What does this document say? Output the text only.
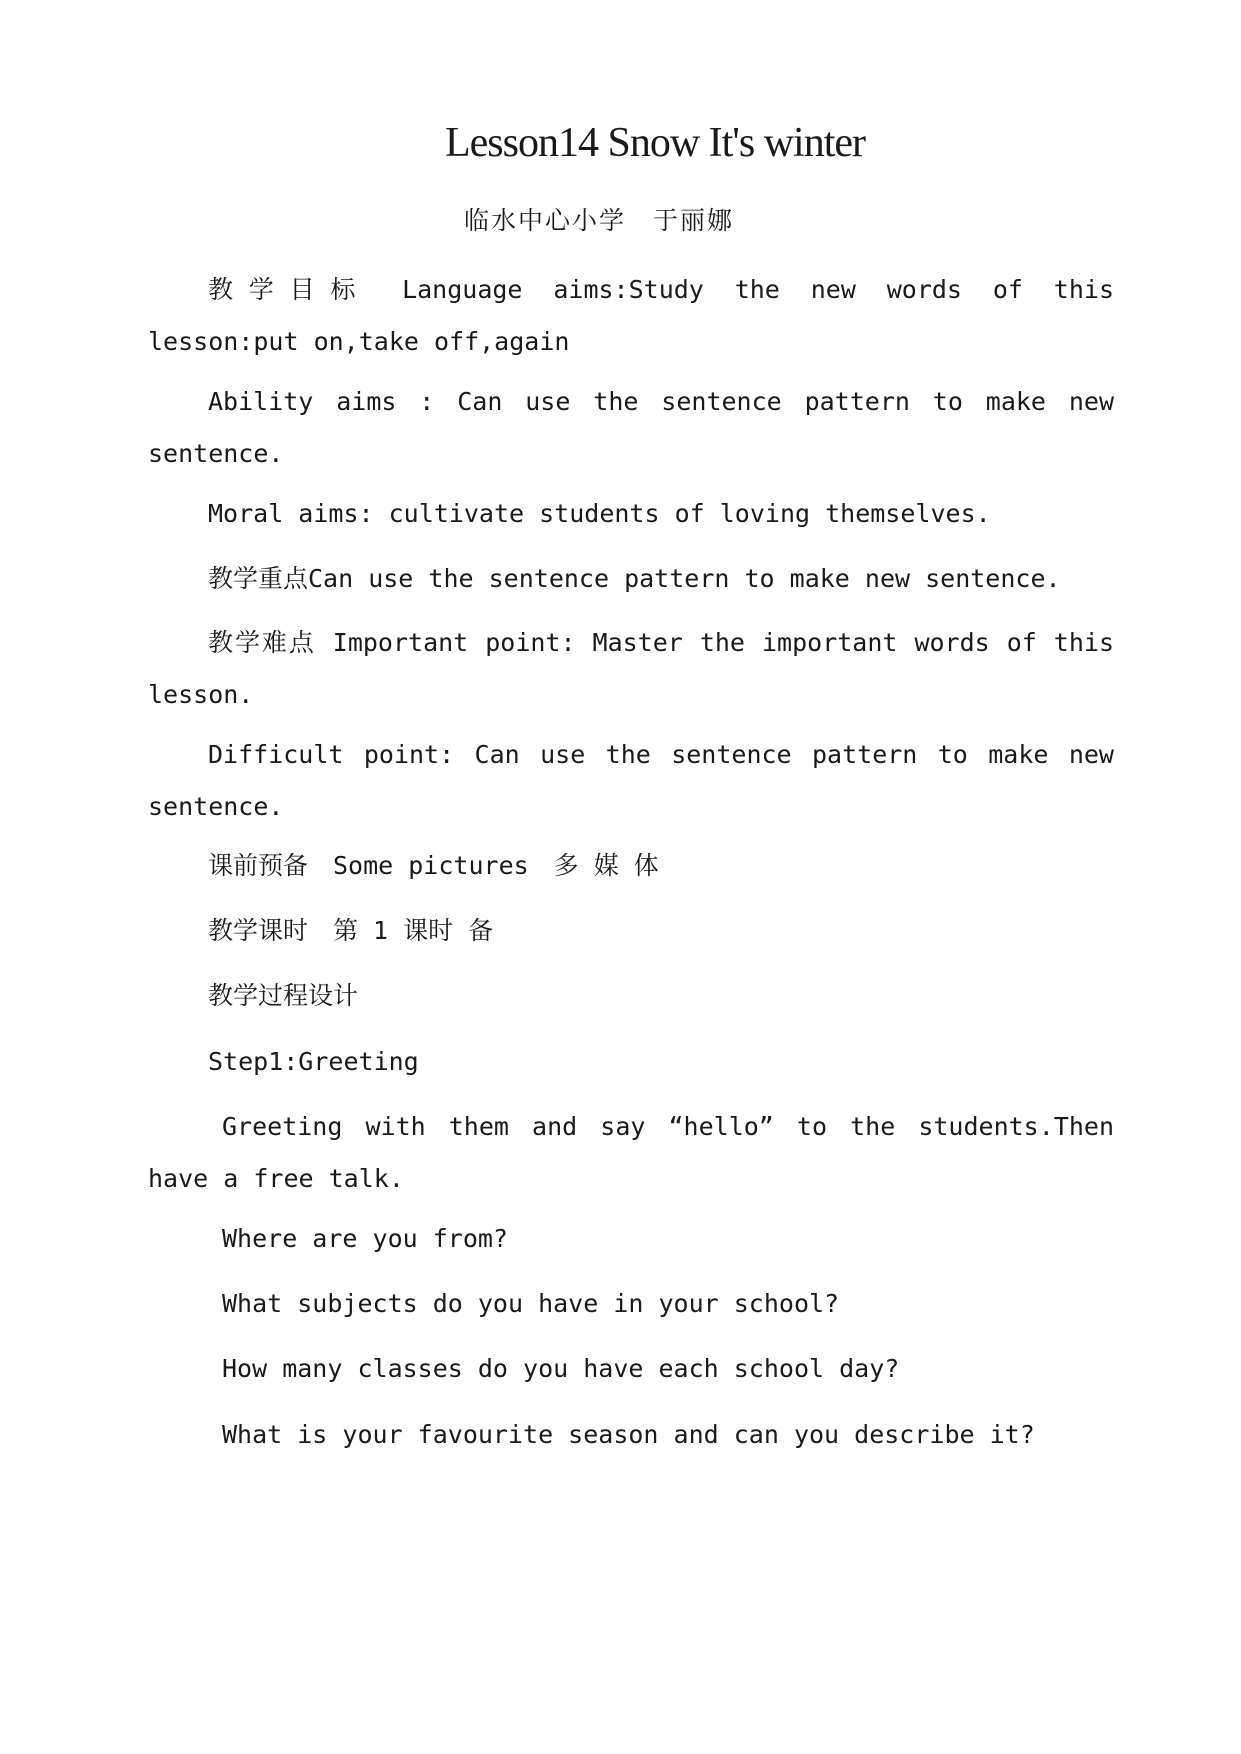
Lesson14 Snow It's winter
临水中心小学　于丽娜
教学目标 Language aims:Study the new words of this
lesson:put on,take off,again
Ability aims : Can use the sentence pattern to make new
sentence.
Moral aims: cultivate students of loving themselves.
教学重点Can use the sentence pattern to make new sentence.
教学难点 Important point: Master the important words of this
lesson.
Difficult point: Can use the sentence pattern to make new
sentence.
课前预备　Some pictures　多 媒 体
教学课时　第 1 课时 备
教学过程设计
Step1:Greeting
Greeting with them and say “hello” to the students.Then
have a free talk.
Where are you from?
What subjects do you have in your school?
How many classes do you have each school day?
What is your favourite season and can you describe it?
